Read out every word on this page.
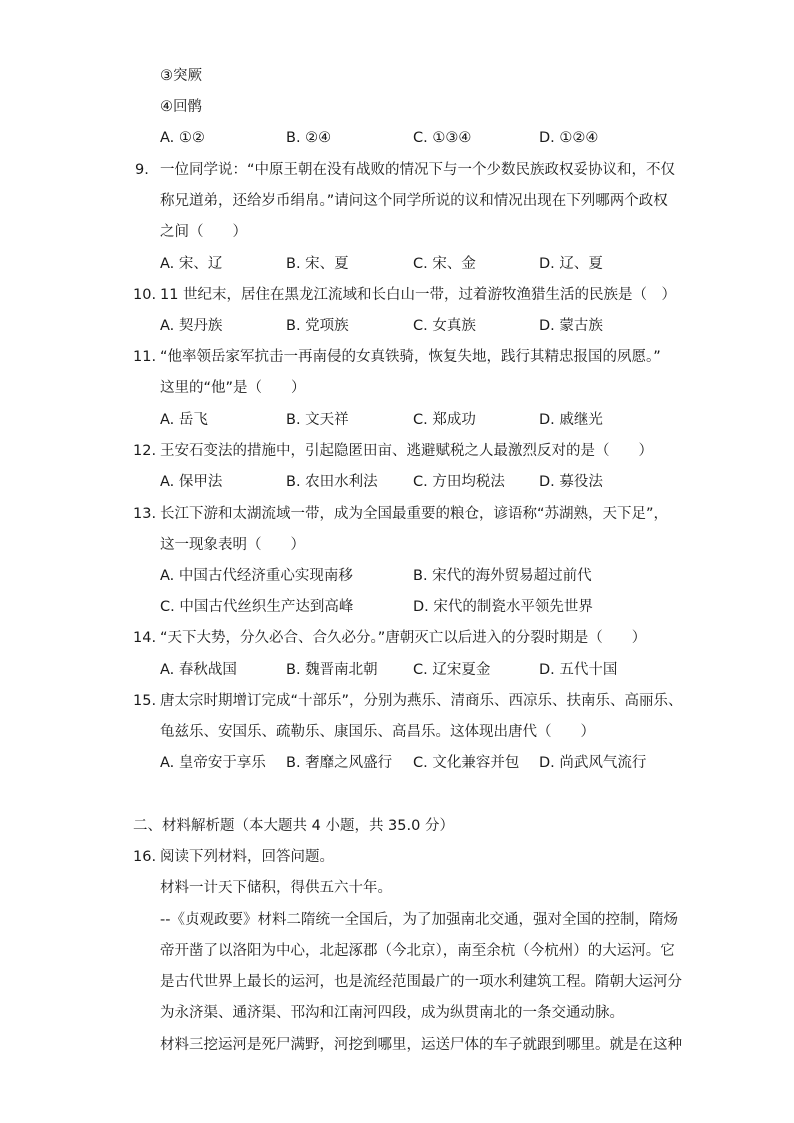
③突厥
④回鹘
A. ①②	B. ②④	C. ①③④	D. ①②④
9. 一位同学说：“中原王朝在没有战败的情况下与一个少数民族政权妥协议和，不仅
称兄道弟，还给岁币绢帛。”请问这个同学所说的议和情况出现在下列哪两个政权
之间（　　）
A. 宋、辽	B. 宋、夏	C. 宋、金	D. 辽、夏
10. 11 世纪末，居住在黑龙江流域和长白山一带，过着游牧渔猎生活的民族是（　）
A. 契丹族	B. 党项族	C. 女真族	D. 蒙古族
11. “他率领岳家军抗击一再南侵的女真铁骑，恢复失地，践行其精忠报国的夙愿。”
这里的“他”是（　　）
A. 岳飞	B. 文天祥	C. 郑成功	D. 戚继光
12. 王安石变法的措施中，引起隐匿田亩、逃避赋税之人最激烈反对的是（　　）
A. 保甲法	B. 农田水利法 C. 方田均税法 D. 募役法
13. 长江下游和太湖流域一带，成为全国最重要的粮仓，谚语称“苏湖熟，天下足”，
这一现象表明（　　）
A. 中国古代经济重心实现南移	B. 宋代的海外贸易超过前代
C. 中国古代丝织生产达到高峰	D. 宋代的制瓷水平领先世界
14. “天下大势，分久必合、合久必分。”唐朝灭亡以后进入的分裂时期是（　　）
A. 春秋战国	B. 魏晋南北朝 C. 辽宋夏金	D. 五代十国
15. 唐太宗时期增订完成“十部乐”，分别为燕乐、清商乐、西凉乐、扶南乐、高丽乐、
龟兹乐、安国乐、疏勒乐、康国乐、高昌乐。这体现出唐代（　　）
A. 皇帝安于享乐 B. 奢靡之风盛行 C. 文化兼容并包 D. 尚武风气流行
二、材料解析题（本大题共 4 小题，共 35.0 分）
16. 阅读下列材料，回答问题。
材料一计天下储积，得供五六十年。
--《贞观政要》材料二隋统一全国后，为了加强南北交通，强对全国的控制，隋炀
帝开凿了以洛阳为中心，北起涿郡（今北京），南至余杭（今杭州）的大运河。它
是古代世界上最长的运河，也是流经范围最广的一项水利建筑工程。隋朝大运河分
为永济渠、通济渠、邗沟和江南河四段，成为纵贯南北的一条交通动脉。
材料三挖运河是死尸满野，河挖到哪里，运送尸体的车子就跟到哪里。就是在这种
